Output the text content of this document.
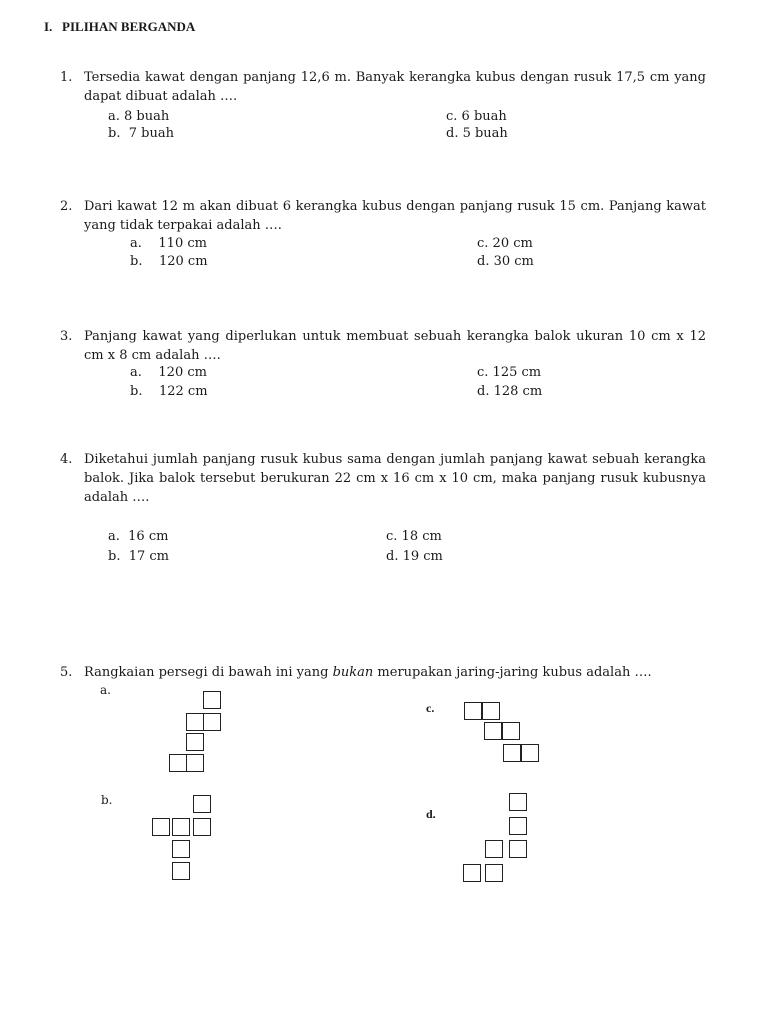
I.   PILIHAN BERGANDA
1. Tersedia kawat dengan panjang 12,6 m. Banyak kerangka kubus dengan rusuk 17,5 cm yang dapat dibuat adalah ….
a. 8 buah
b.  7 buah
c. 6 buah
d. 5 buah
2. Dari kawat 12 m akan dibuat 6 kerangka kubus dengan panjang rusuk 15 cm. Panjang kawat yang tidak terpakai adalah ….
a.    110 cm
b.    120 cm
c. 20 cm
d. 30 cm
3. Panjang kawat yang diperlukan untuk membuat sebuah kerangka balok ukuran 10 cm x 12 cm x 8 cm adalah ….
a.    120 cm
b.    122 cm
c. 125 cm
d. 128 cm
4. Diketahui jumlah panjang rusuk kubus sama dengan jumlah panjang kawat sebuah kerangka balok. Jika balok tersebut berukuran 22 cm x 16 cm x 10 cm, maka panjang rusuk kubusnya adalah ….
a.  16 cm
b.  17 cm
c. 18 cm
d. 19 cm
5. Rangkaian persegi di bawah ini yang bukan merupakan jaring-jaring kubus adalah ….
a.
b.
c.
d.
